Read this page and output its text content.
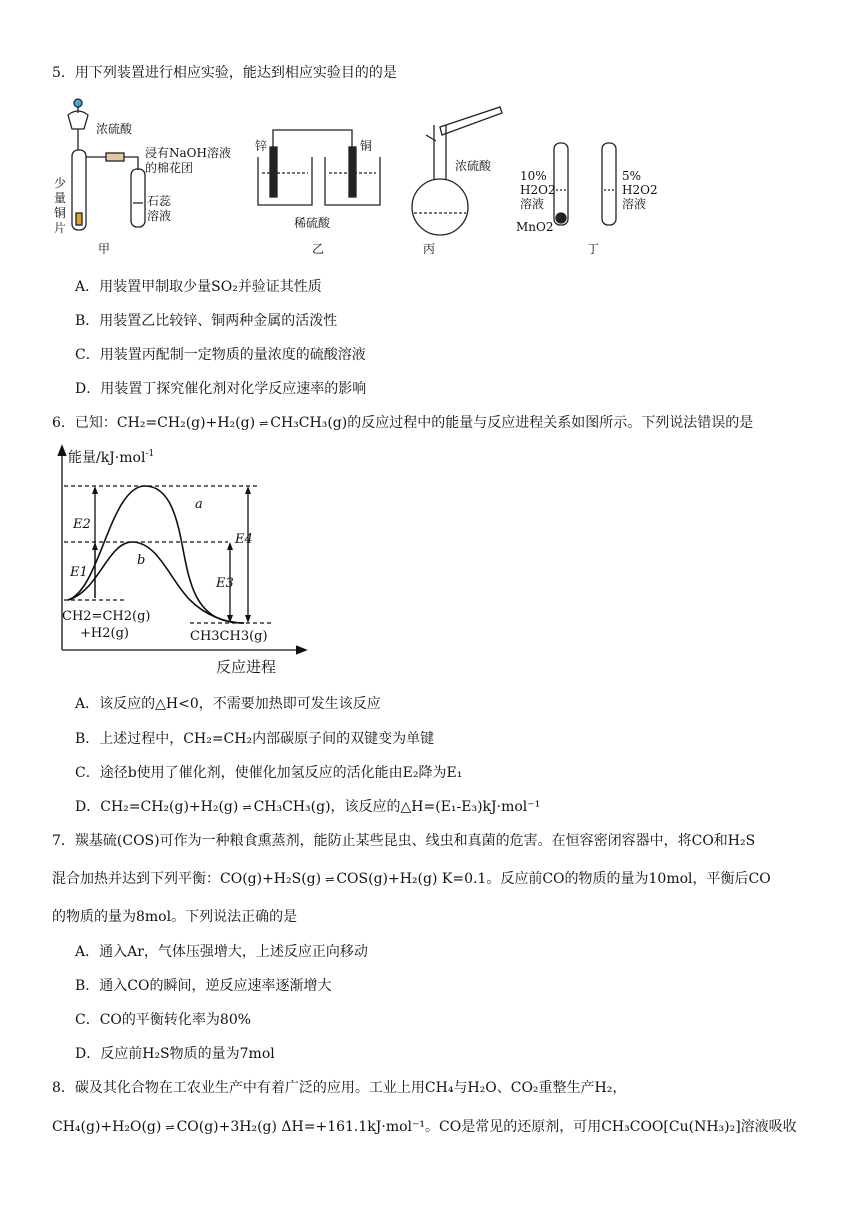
5．用下列装置进行相应实验，能达到相应实验目的的是
浓硫酸
浸有NaOH溶液
的棉花团
少
量
铜
片
石蕊
溶液
甲
锌	铜
稀硫酸
乙
浓硫酸
丙
10%
H2O2
溶液
MnO2
5%
H2O2
溶液
丁
A．用装置甲制取少量SO₂并验证其性质
B．用装置乙比较锌、铜两种金属的活泼性
C．用装置丙配制一定物质的量浓度的硫酸溶液
D．用装置丁探究催化剂对化学反应速率的影响
6．已知：CH₂=CH₂(g)+H₂(g) ⇌ CH₃CH₃(g)的反应过程中的能量与反应进程关系如图所示。下列说法错误的是
能量/kJ·mol$^{-1}$
a
b
E2
E1
E3
E4
CH2=CH2(g)
+H2(g)	CH3CH3(g)
反应进程
A．该反应的△H<0，不需要加热即可发生该反应
B．上述过程中，CH₂=CH₂内部碳原子间的双键变为单键
C．途径b使用了催化剂，使催化加氢反应的活化能由E₂降为E₁
D．CH₂=CH₂(g)+H₂(g) ⇌ CH₃CH₃(g)，该反应的△H=(E₁-E₃)kJ·mol⁻¹
7．羰基硫(COS)可作为一种粮食熏蒸剂，能防止某些昆虫、线虫和真菌的危害。在恒容密闭容器中，将CO和H₂S
混合加热并达到下列平衡：CO(g)+H₂S(g) ⇌ COS(g)+H₂(g) K=0.1。反应前CO的物质的量为10mol，平衡后CO
的物质的量为8mol。下列说法正确的是
A．通入Ar，气体压强增大，上述反应正向移动
B．通入CO的瞬间，逆反应速率逐渐增大
C．CO的平衡转化率为80%
D．反应前H₂S物质的量为7mol
8．碳及其化合物在工农业生产中有着广泛的应用。工业上用CH₄与H₂O、CO₂重整生产H₂，
CH₄(g)+H₂O(g) ⇌ CO(g)+3H₂(g) ΔH=+161.1kJ·mol⁻¹。CO是常见的还原剂，可用CH₃COO[Cu(NH₃)₂]溶液吸收
